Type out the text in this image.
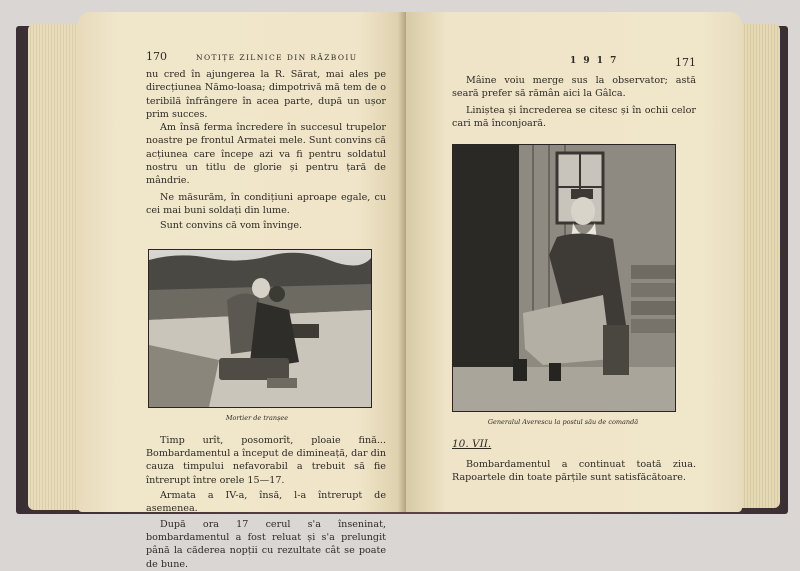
170	NOTIȚE ZILNICE DIN RĂZBOIU

nu cred în ajungerea la R. Sărat, mai ales pe direcțiunea Nămo-loasa; dimpotrivă mă tem de o teribilă înfrângere în acea parte, după un ușor prim succes.

Am însă ferma încredere în succesul trupelor noastre pe frontul Armatei mele. Sunt convins că acțiunea care începe azi va fi pentru soldatul nostru un titlu de glorie și pentru țară de mândrie.

Ne măsurăm, în condițiuni aproape egale, cu cei mai buni soldați din lume.

Sunt convins că vom învinge.

Mortier de tranșee

Timp urît, posomorît, ploaie fină... Bombardamentul a început de dimineață, dar din cauza timpului nefavorabil a trebuit să fie întrerupt între orele 15—17.

Armata a IV-a, însă, l-a întrerupt de asemenea.

După ora 17 cerul s'a înseninat, bombardamentul a fost reluat și s'a prelungit până la căderea nopții cu rezultate cât se poate de bune.

1 9 1 7	171

Mâine voiu merge sus la observator; astă seară prefer să rămân aici la Gâlca.

Liniștea și încrederea se citesc și în ochii celor cari mă înconjoară.

Generalul Averescu la postul său de comandă
10. VII.

Bombardamentul a continuat toată ziua. Rapoartele din toate părțile sunt satisfăcătoare.
